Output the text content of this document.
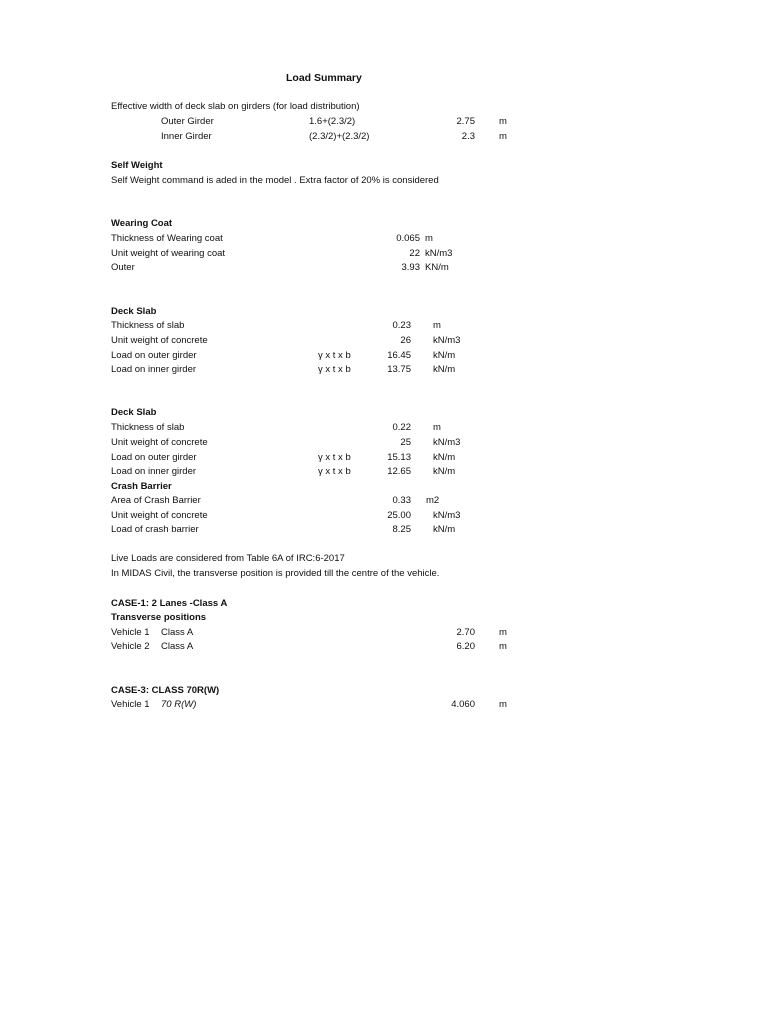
Load Summary
Effective width of deck slab on girders (for load distribution)
Outer Girder	1.6+(2.3/2)	2.75	m
Inner Girder	(2.3/2)+(2.3/2)	2.3	m
Self Weight
Self Weight command is aded in the model . Extra factor of 20% is considered
Wearing Coat
Thickness of Wearing coat	0.065 m
Unit weight of wearing coat	22 kN/m3
Outer	3.93 KN/m
Deck Slab
Thickness of slab	0.23 m
Unit weight of concrete	26 kN/m3
Load on outer girder	γ x t x b	16.45 kN/m
Load on inner girder	γ x t x b	13.75 kN/m
Deck Slab
Thickness of slab	0.22 m
Unit weight of concrete	25 kN/m3
Load on outer girder	γ x t x b	15.13 kN/m
Load on inner girder	γ x t x b	12.65 kN/m
Crash Barrier
Area of Crash Barrier	0.33 m2
Unit weight of concrete	25.00 kN/m3
Load of crash barrier	8.25 kN/m
Live Loads are considered from Table 6A of IRC:6-2017
In MIDAS Civil, the transverse position is provided till the centre of the vehicle.
CASE-1: 2 Lanes -Class A
Transverse positions
Vehicle 1 Class A	2.70	m
Vehicle 2 Class A	6.20	m
CASE-3: CLASS 70R(W)
Vehicle 1 70 R(W)	4.060	m
